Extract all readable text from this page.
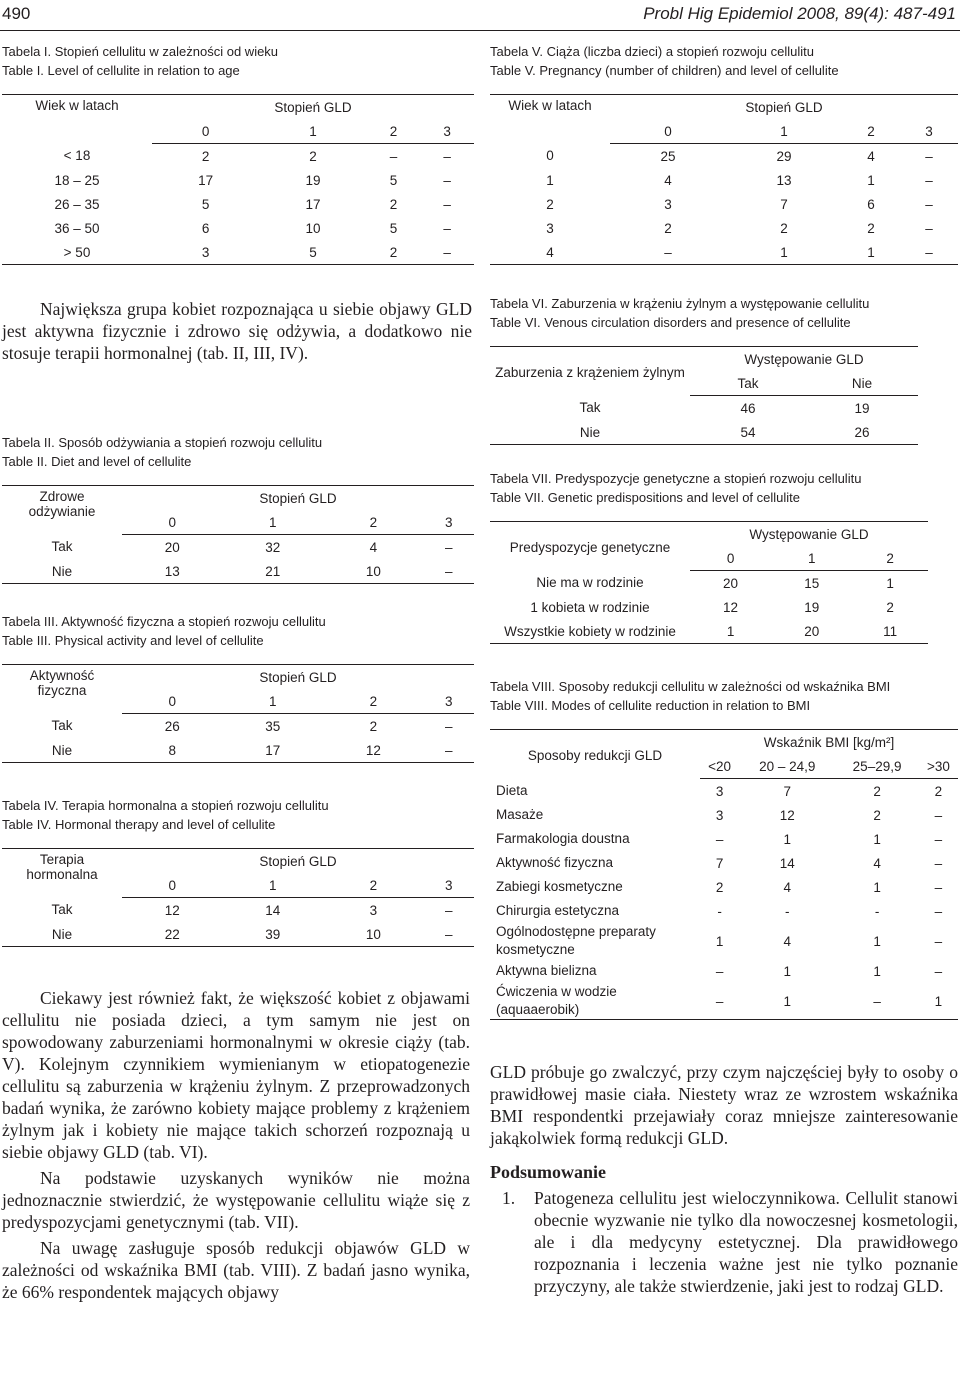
490	Probl Hig Epidemiol 2008, 89(4): 487-491
Tabela I. Stopień cellulitu w zależności od wieku
Table I. Level of cellulite in relation to age
Wiek w latach	Stopień GLD			
	0	1	2	3
< 18	2	2	–	–
18 – 25	17	19	5	–
26 – 35	5	17	2	–
36 – 50	6	10	5	–
> 50	3	5	2	–
Tabela V. Ciąża (liczba dzieci) a stopień rozwoju cellulitu
Table V. Pregnancy (number of children) and level of cellulite
Wiek w latach	Stopień GLD			
	0	1	2	3
0	25	29	4	–
1	4	13	1	–
2	3	7	6	–
3	2	2	2	–
4	–	1	1	–

Największa grupa kobiet rozpoznająca u siebie objawy GLD jest aktywna fizycznie i zdrowo się odżywia, a dodatkowo nie stosuje terapii hormonalnej (tab. II, III, IV).

Tabela II. Sposób odżywiania a stopień rozwoju cellulitu
Table II. Diet and level of cellulite
Zdrowe
odżywianie	Stopień GLD			
	0	1	2	3
Tak	20	32	4	–
Nie	13	21	10	–
Tabela III. Aktywność fizyczna a stopień rozwoju cellulitu
Table III. Physical activity and level of cellulite
Aktywność
fizyczna	Stopień GLD			
	0	1	2	3
Tak	26	35	2	–
Nie	8	17	12	–
Tabela IV. Terapia hormonalna a stopień rozwoju cellulitu
Table IV. Hormonal therapy and level of cellulite
Terapia
hormonalna	Stopień GLD			
	0	1	2	3
Tak	12	14	3	–
Nie	22	39	10	–

Ciekawy jest również fakt, że większość kobiet z objawami cellulitu nie posiada dzieci, a tym samym nie jest on spowodowany zaburzeniami hormonalnymi w okresie ciąży (tab. V). Kolejnym czynnikiem wymienianym w etiopatogenezie cellulitu są zaburzenia w krążeniu żylnym. Z przeprowadzonych badań wynika, że zarówno kobiety mające problemy z krążeniem żylnym jak i kobiety nie mające takich schorzeń rozpoznają u siebie objawy GLD (tab. VI).

Na podstawie uzyskanych wyników nie można jednoznacznie stwierdzić, że występowanie cellulitu wiąże się z predyspozycjami genetycznymi (tab. VII).

Na uwagę zasługuje sposób redukcji objawów GLD w zależności od wskaźnika BMI (tab. VIII). Z badań jasno wynika, że 66% respondentek mających objawy

Tabela VI. Zaburzenia w krążeniu żylnym a występowanie cellulitu
Table VI. Venous circulation disorders and presence of cellulite
Zaburzenia z krążeniem żylnym	Występowanie GLD	
	Tak	Nie
Tak	46	19
Nie	54	26
Tabela VII. Predyspozycje genetyczne a stopień rozwoju cellulitu
Table VII. Genetic predispositions and level of cellulite
Predyspozycje genetyczne	Występowanie GLD		
	0	1	2
Nie ma w rodzinie	20	15	1
1 kobieta w rodzinie	12	19	2
Wszystkie kobiety w rodzinie	1	20	11
Tabela VIII. Sposoby redukcji cellulitu w zależności od wskaźnika BMI
Table VIII. Modes of cellulite reduction in relation to BMI
Sposoby redukcji GLD	Wskaźnik BMI [kg/m²]			
	<20	20 – 24,9	25–29,9	>30
Dieta	3	7	2	2
Masaże	3	12	2	–
Farmakologia doustna	–	1	1	–
Aktywność fizyczna	7	14	4	–
Zabiegi kosmetyczne	2	4	1	–
Chirurgia estetyczna	-	-	-	–
Ogólnodostępne preparaty kosmetyczne	1	4	1	–
Aktywna bielizna	–	1	1	–
Ćwiczenia w wodzie (aquaaerobik)	–	1	–	1

GLD próbuje go zwalczyć, przy czym najczęściej były to osoby o prawidłowej masie ciała. Niestety wraz ze wzrostem wskaźnika BMI respondentki przejawiały coraz mniejsze zainteresowanie jakąkolwiek formą redukcji GLD.

Podsumowanie

1.	Patogeneza cellulitu jest wieloczynnikowa. Cellulit stanowi obecnie wyzwanie nie tylko dla nowoczesnej kosmetologii, ale i dla medycyny estetycznej. Dla prawidłowego rozpoznania i leczenia ważne jest nie tylko poznanie przyczyny, ale także stwierdzenie, jaki jest to rodzaj GLD.
